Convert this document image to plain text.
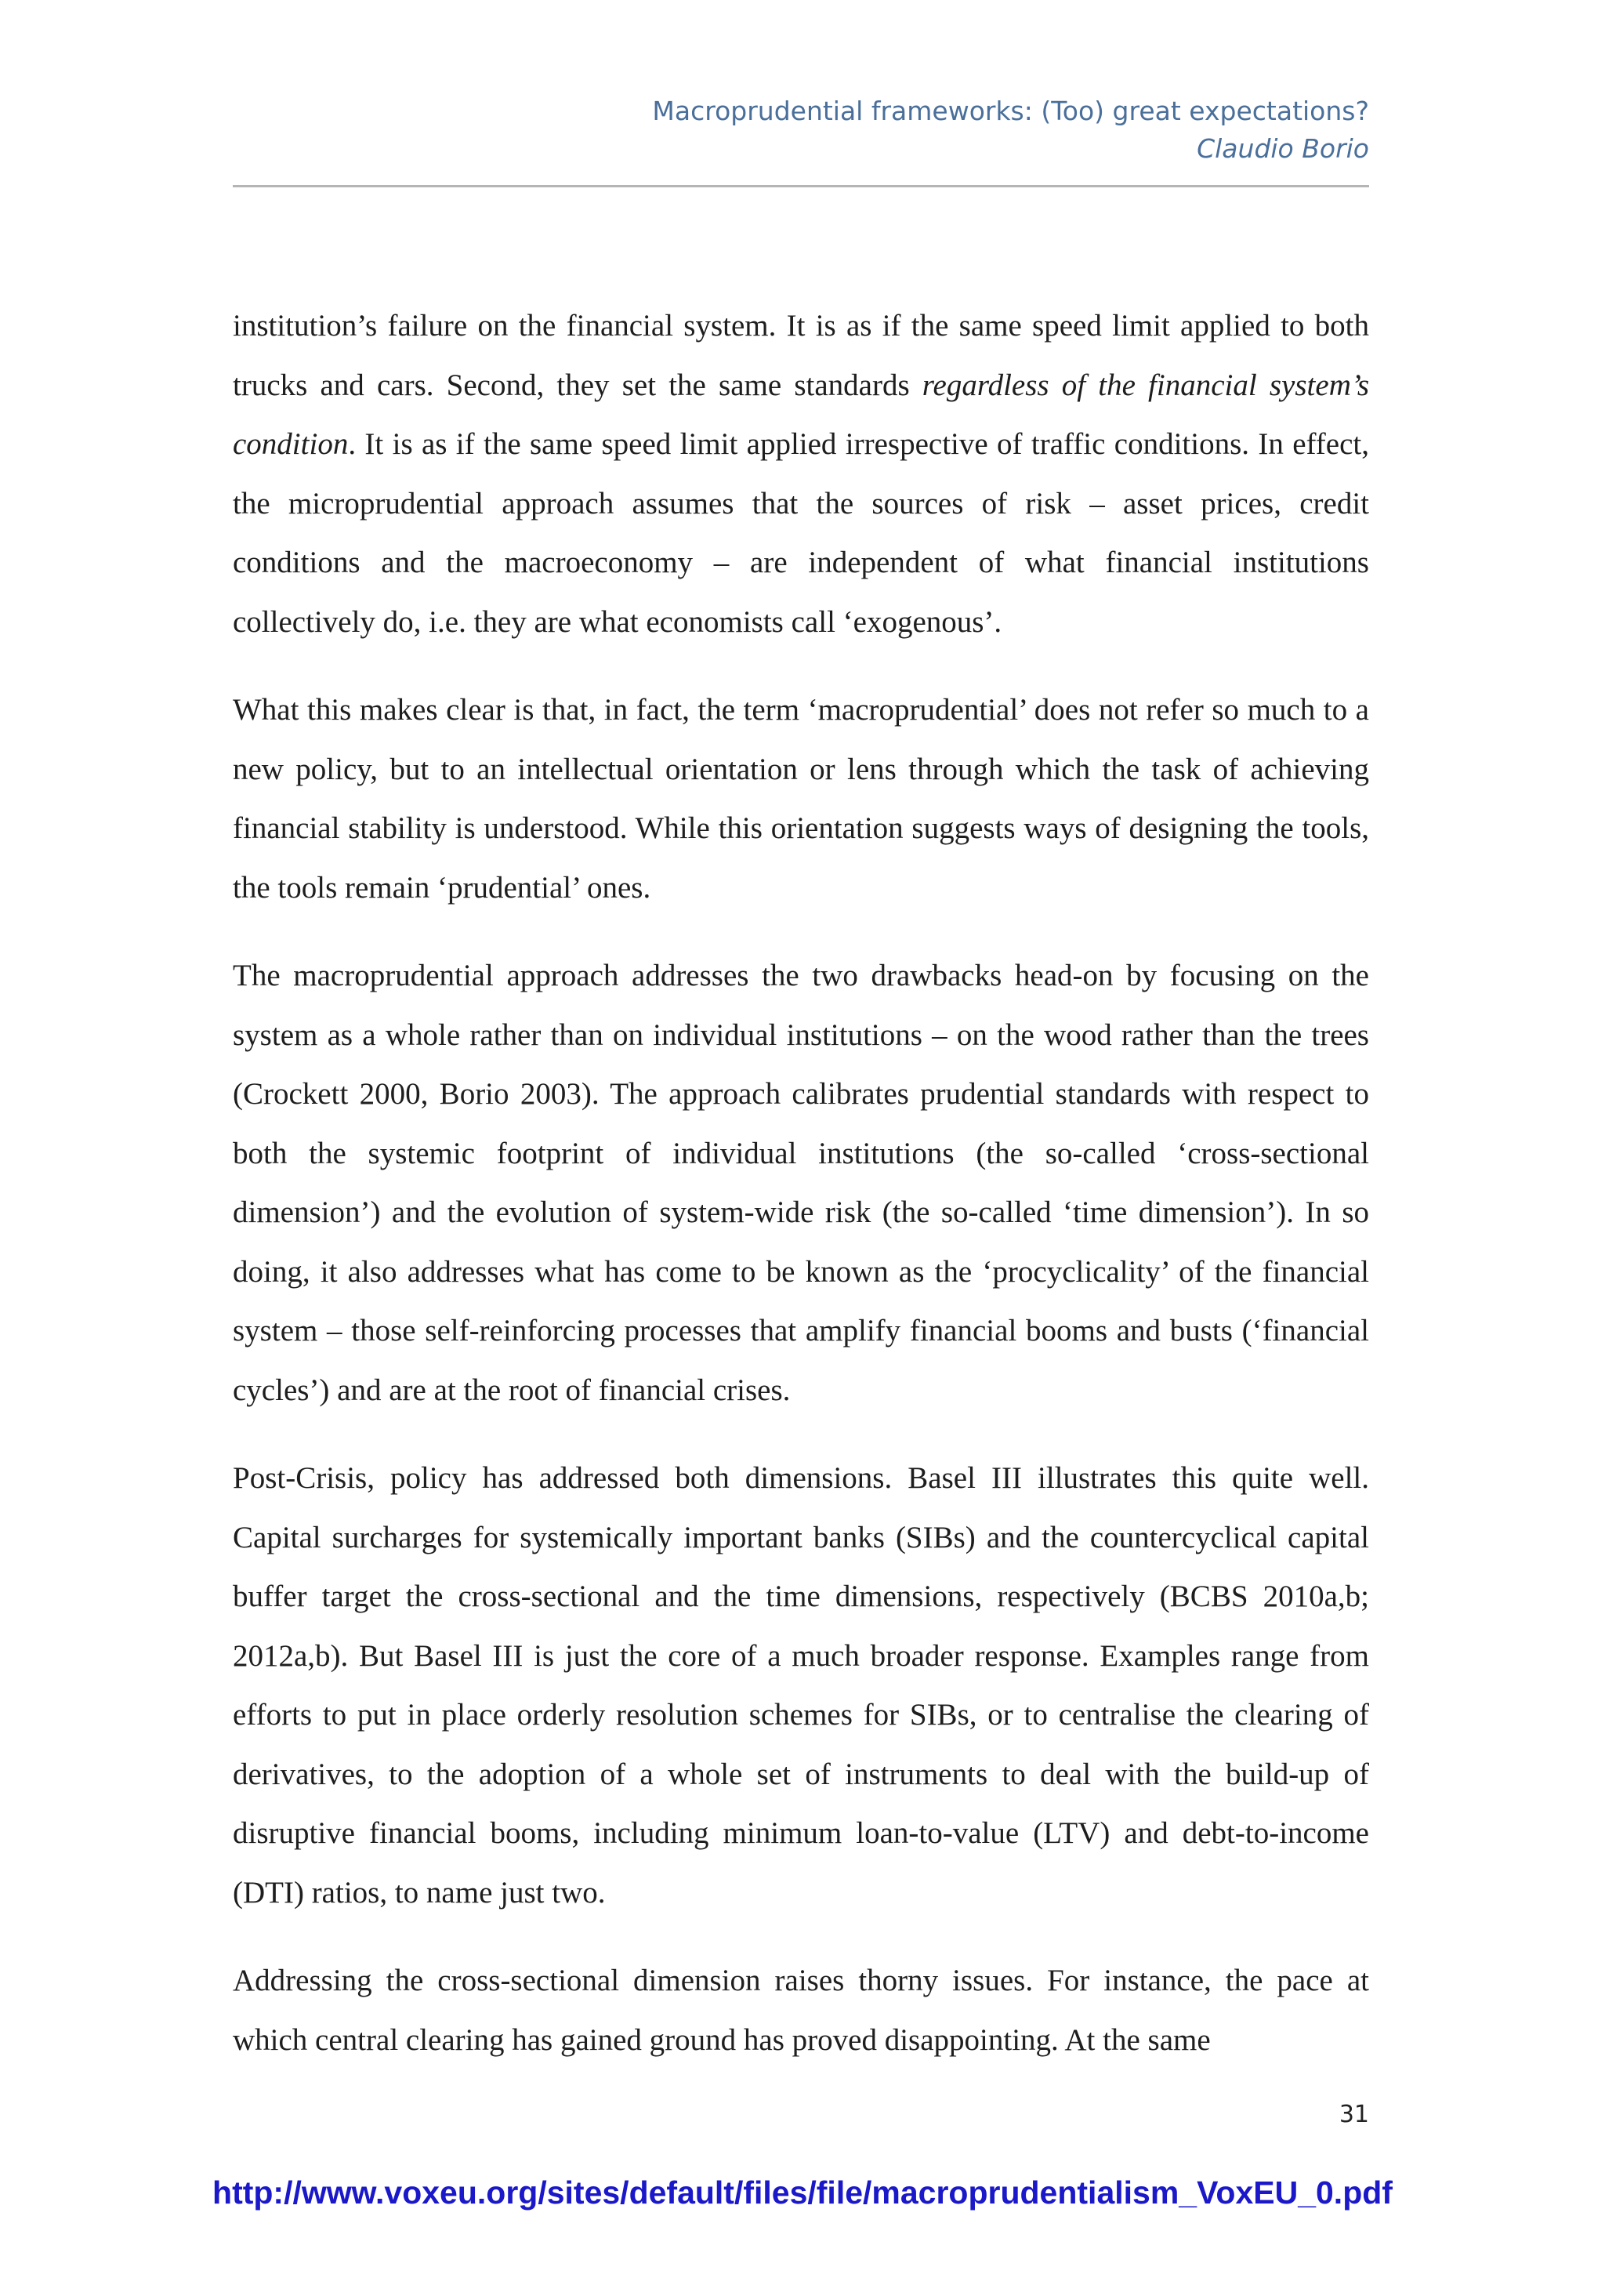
Macroprudential frameworks: (Too) great expectations?
Claudio Borio

institution’s failure on the financial system. It is as if the same speed limit applied to both trucks and cars. Second, they set the same standards regardless of the financial system’s condition. It is as if the same speed limit applied irrespective of traffic conditions. In effect, the microprudential approach assumes that the sources of risk – asset prices, credit conditions and the macroeconomy – are independent of what financial institutions collectively do, i.e. they are what economists call ‘exogenous’.

What this makes clear is that, in fact, the term ‘macroprudential’ does not refer so much to a new policy, but to an intellectual orientation or lens through which the task of achieving financial stability is understood. While this orientation suggests ways of designing the tools, the tools remain ‘prudential’ ones.

The macroprudential approach addresses the two drawbacks head-on by focusing on the system as a whole rather than on individual institutions – on the wood rather than the trees (Crockett 2000, Borio 2003). The approach calibrates prudential standards with respect to both the systemic footprint of individual institutions (the so-called ‘cross-sectional dimension’) and the evolution of system-wide risk (the so-called ‘time dimension’). In so doing, it also addresses what has come to be known as the ‘procyclicality’ of the financial system – those self-reinforcing processes that amplify financial booms and busts (‘financial cycles’) and are at the root of financial crises.

Post-Crisis, policy has addressed both dimensions. Basel III illustrates this quite well. Capital surcharges for systemically important banks (SIBs) and the countercyclical capital buffer target the cross-sectional and the time dimensions, respectively (BCBS 2010a,b; 2012a,b). But Basel III is just the core of a much broader response. Examples range from efforts to put in place orderly resolution schemes for SIBs, or to centralise the clearing of derivatives, to the adoption of a whole set of instruments to deal with the build-up of disruptive financial booms, including minimum loan-to-value (LTV) and debt-to-income (DTI) ratios, to name just two.

Addressing the cross-sectional dimension raises thorny issues. For instance, the pace at which central clearing has gained ground has proved disappointing. At the same

31
http://www.voxeu.org/sites/default/files/file/macroprudentialism_VoxEU_0.pdf
